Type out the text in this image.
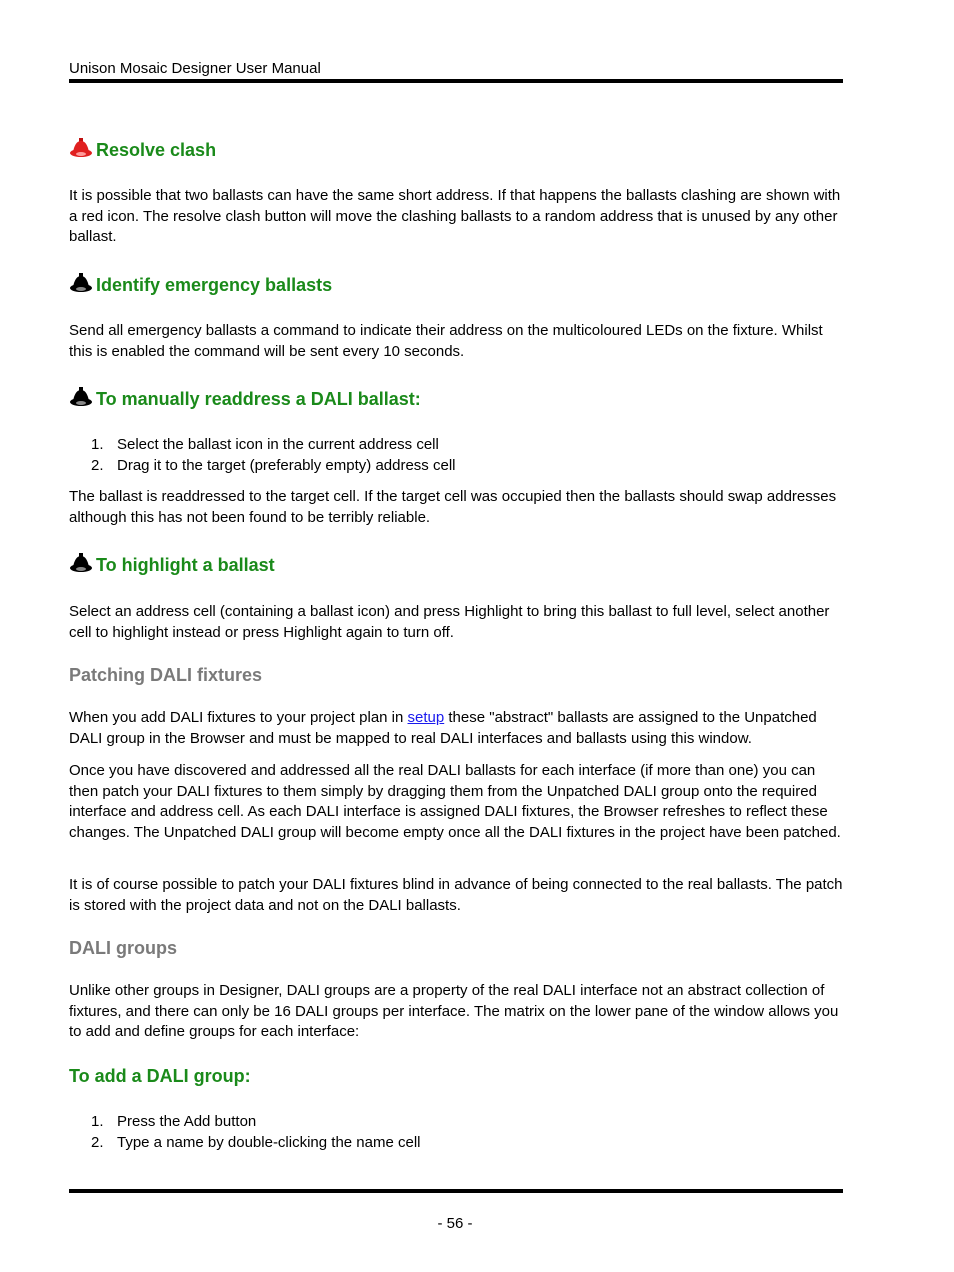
Unison Mosaic Designer User Manual
Resolve clash
It is possible that two ballasts can have the same short address. If that happens the ballasts clashing are shown with a red icon. The resolve clash button will move the clashing ballasts to a random address that is unused by any other ballast.
Identify emergency ballasts
Send all emergency ballasts a command to indicate their address on the multicoloured LEDs on the fixture. Whilst this is enabled the command will be sent every 10 seconds.
To manually readdress a DALI ballast:
1. Select the ballast icon in the current address cell
2. Drag it to the target (preferably empty) address cell
The ballast is readdressed to the target cell. If the target cell was occupied then the ballasts should swap addresses although this has not been found to be terribly reliable.
To highlight a ballast
Select an address cell (containing a ballast icon) and press Highlight to bring this ballast to full level, select another cell to highlight instead or press Highlight again to turn off.
Patching DALI fixtures
When you add DALI fixtures to your project plan in setup these "abstract" ballasts are assigned to the Unpatched DALI group in the Browser and must be mapped to real DALI interfaces and ballasts using this window.
Once you have discovered and addressed all the real DALI ballasts for each interface (if more than one) you can then patch your DALI fixtures to them simply by dragging them from the Unpatched DALI group onto the required interface and address cell. As each DALI interface is assigned DALI fixtures, the Browser refreshes to reflect these changes. The Unpatched DALI group will become empty once all the DALI fixtures in the project have been patched.
It is of course possible to patch your DALI fixtures blind in advance of being connected to the real ballasts. The patch is stored with the project data and not on the DALI ballasts.
DALI groups
Unlike other groups in Designer, DALI groups are a property of the real DALI interface not an abstract collection of fixtures, and there can only be 16 DALI groups per interface. The matrix on the lower pane of the window allows you to add and define groups for each interface:
To add a DALI group:
1. Press the Add button
2. Type a name by double-clicking the name cell
- 56 -
